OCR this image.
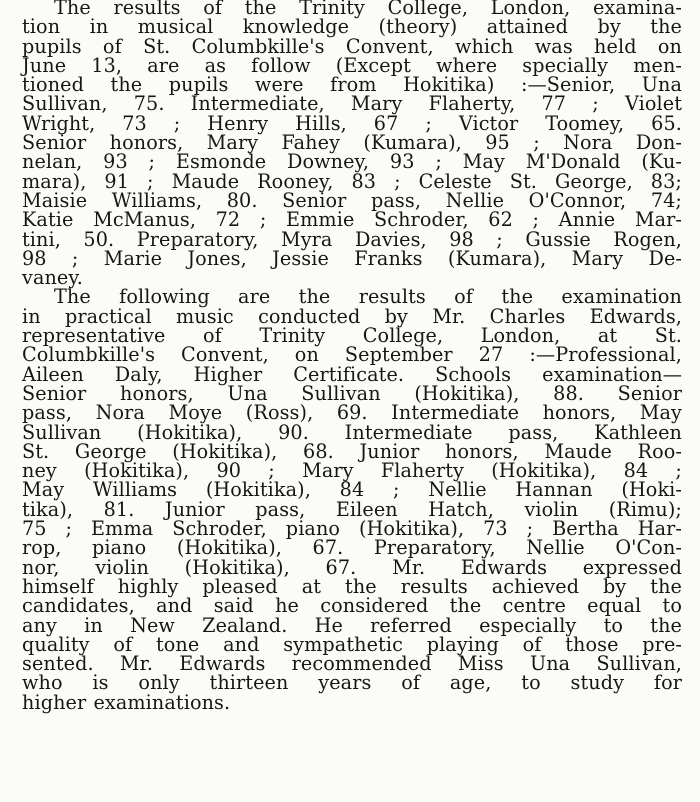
The results of the Trinity College, London, examina-
tion in musical knowledge (theory) attained by the
pupils of St. Columbkille's Convent, which was held on
June 13, are as follow (Except where specially men-
tioned the pupils were from Hokitika) :—Senior, Una
Sullivan, 75. Intermediate, Mary Flaherty, 77 ; Violet
Wright, 73 ; Henry Hills, 67 ; Victor Toomey, 65.
Senior honors, Mary Fahey (Kumara), 95 ; Nora Don-
nelan, 93 ; Esmonde Downey, 93 ; May M'Donald (Ku-
mara), 91 ; Maude Rooney, 83 ; Celeste St. George, 83;
Maisie Williams, 80. Senior pass, Nellie O'Connor, 74;
Katie McManus, 72 ; Emmie Schroder, 62 ; Annie Mar-
tini, 50. Preparatory, Myra Davies, 98 ; Gussie Rogen,
98 ; Marie Jones, Jessie Franks (Kumara), Mary De-
vaney.
The following are the results of the examination
in practical music conducted by Mr. Charles Edwards,
representative of Trinity College, London, at St.
Columbkille's Convent, on September 27 :—Professional,
Aileen Daly, Higher Certificate. Schools examination—
Senior honors, Una Sullivan (Hokitika), 88. Senior
pass, Nora Moye (Ross), 69. Intermediate honors, May
Sullivan (Hokitika), 90. Intermediate pass, Kathleen
St. George (Hokitika), 68. Junior honors, Maude Roo-
ney (Hokitika), 90 ; Mary Flaherty (Hokitika), 84 ;
May Williams (Hokitika), 84 ; Nellie Hannan (Hoki-
tika), 81. Junior pass, Eileen Hatch, violin (Rimu);
75 ; Emma Schroder, piano (Hokitika), 73 ; Bertha Har-
rop, piano (Hokitika), 67. Preparatory, Nellie O'Con-
nor, violin (Hokitika), 67. Mr. Edwards expressed
himself highly pleased at the results achieved by the
candidates, and said he considered the centre equal to
any in New Zealand. He referred especially to the
quality of tone and sympathetic playing of those pre-
sented. Mr. Edwards recommended Miss Una Sullivan,
who is only thirteen years of age, to study for
higher examinations.
